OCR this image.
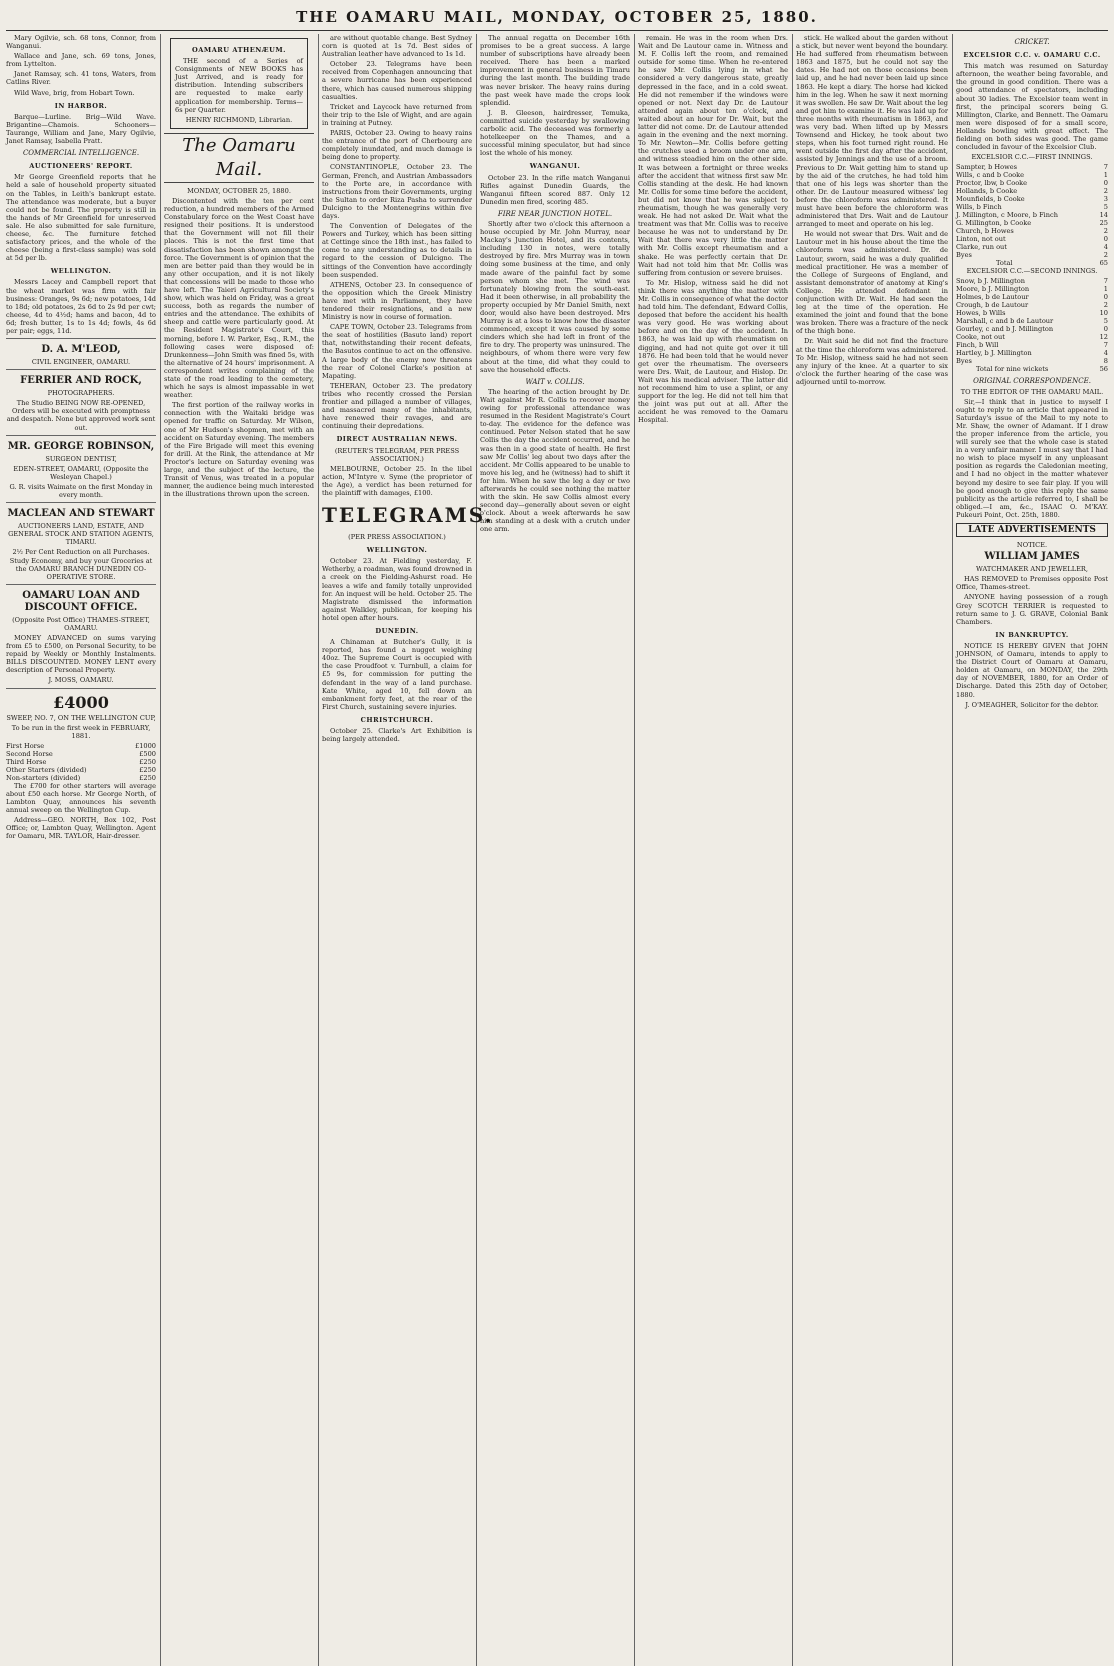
THE OAMARU MAIL, MONDAY, OCTOBER 25, 1880.

Mary Ogilvie, sch. 68 tons, Connor, from Wanganui.

Wallace and Jane, sch. 69 tons, Jones, from Lyttelton.

Janet Ramsay, sch. 41 tons, Waters, from Catlins River.

Wild Wave, brig, from Hobart Town.

IN HARBOR.

Barque—Lurline. Brig—Wild Wave. Brigantine—Chamois. Schooners—Taurange, William and Jane, Mary Ogilvie, Janet Ramsay, Isabella Pratt.

COMMERCIAL INTELLIGENCE.
AUCTIONEERS' REPORT.

Mr George Greenfield reports that he held a sale of household property situated on the Tables, in Leith's bankrupt estate. The attendance was moderate, but a buyer could not be found. The property is still in the hands of Mr Greenfield for unreserved sale. He also submitted for sale furniture, cheese, &c. The furniture fetched satisfactory prices, and the whole of the cheese (being a first-class sample) was sold at 5d per lb.

WELLINGTON.

Messrs Lacey and Campbell report that the wheat market was firm with fair business: Oranges, 9s 6d; new potatoes, 14d to 18d; old potatoes, 2s 6d to 2s 9d per cwt; cheese, 4d to 4½d; hams and bacon, 4d to 6d; fresh butter, 1s to 1s 4d; fowls, 4s 6d per pair; eggs, 11d.

D. A. M'LEOD,

CIVIL ENGINEER, OAMARU.

FERRIER AND ROCK,

PHOTOGRAPHERS.

The Studio BEING NOW RE-OPENED, Orders will be executed with promptness and despatch. None but approved work sent out.

MR. GEORGE ROBINSON,

SURGEON DENTIST,

EDEN-STREET, OAMARU, (Opposite the Wesleyan Chapel.)

G. R. visits Waimate on the first Monday in every month.

MACLEAN AND STEWART

AUCTIONEERS LAND, ESTATE, AND GENERAL STOCK AND STATION AGENTS, TIMARU.

2½ Per Cent Reduction on all Purchases. Study Economy, and buy your Groceries at the OAMARU BRANCH DUNEDIN CO-OPERATIVE STORE.

OAMARU LOAN AND DISCOUNT OFFICE.

(Opposite Post Office) THAMES-STREET, OAMARU.

MONEY ADVANCED on sums varying from £5 to £500, on Personal Security, to be repaid by Weekly or Monthly Instalments. BILLS DISCOUNTED. MONEY LENT every description of Personal Property.

J. MOSS, OAMARU.

£4000

SWEEP, NO. 7, ON THE WELLINGTON CUP,

To be run in the first week in FEBRUARY, 1881.

First Horse	£1000
Second Horse	£500
Third Horse	£250
Other Starters (divided)	£250
Non-starters (divided)	£250

The £700 for other starters will average about £50 each horse. Mr George North, of Lambton Quay, announces his seventh annual sweep on the Wellington Cup.

Address—GEO. NORTH, Box 102, Post Office; or, Lambton Quay, Wellington. Agent for Oamaru, MR. TAYLOR, Hair-dresser.

OAMARU ATHENÆUM.

THE second of a Series of Consignments of NEW BOOKS has Just Arrived, and is ready for distribution. Intending subscribers are requested to make early application for membership. Terms—6s per Quarter.

HENRY RICHMOND, Librarian.

The Oamaru Mail.

MONDAY, OCTOBER 25, 1880.

Discontented with the ten per cent reduction, a hundred members of the Armed Constabulary force on the West Coast have resigned their positions. It is understood that the Government will not fill their places. This is not the first time that dissatisfaction has been shown amongst the force. The Government is of opinion that the men are better paid than they would be in any other occupation, and it is not likely that concessions will be made to those who have left. The Taieri Agricultural Society's show, which was held on Friday, was a great success, both as regards the number of entries and the attendance. The exhibits of sheep and cattle were particularly good. At the Resident Magistrate's Court, this morning, before I. W. Parker, Esq., R.M., the following cases were disposed of: Drunkenness—John Smith was fined 5s, with the alternative of 24 hours' imprisonment. A correspondent writes complaining of the state of the road leading to the cemetery, which he says is almost impassable in wet weather.

The first portion of the railway works in connection with the Waitaki bridge was opened for traffic on Saturday. Mr Wilson, one of Mr Hudson's shopmen, met with an accident on Saturday evening. The members of the Fire Brigade will meet this evening for drill. At the Rink, the attendance at Mr Proctor's lecture on Saturday evening was large, and the subject of the lecture, the Transit of Venus, was treated in a popular manner, the audience being much interested in the illustrations thrown upon the screen.

are without quotable change. Best Sydney corn is quoted at 1s 7d. Best sides of Australian leather have advanced to 1s 1d.

October 23. Telegrams have been received from Copenhagen announcing that a severe hurricane has been experienced there, which has caused numerous shipping casualties.

Tricket and Laycock have returned from their trip to the Isle of Wight, and are again in training at Putney.

PARIS, October 23. Owing to heavy rains the entrance of the port of Cherbourg are completely inundated, and much damage is being done to property.

CONSTANTINOPLE, October 23. The German, French, and Austrian Ambassadors to the Porte are, in accordance with instructions from their Governments, urging the Sultan to order Riza Pasha to surrender Dulcigno to the Montenegrins within five days.

The Convention of Delegates of the Powers and Turkey, which has been sitting at Cettinge since the 18th inst., has failed to come to any understanding as to details in regard to the cession of Dulcigno. The sittings of the Convention have accordingly been suspended.

ATHENS, October 23. In consequence of the opposition which the Greek Ministry have met with in Parliament, they have tendered their resignations, and a new Ministry is now in course of formation.

CAPE TOWN, October 23. Telegrams from the seat of hostilities (Basuto land) report that, notwithstanding their recent defeats, the Basutos continue to act on the offensive. A large body of the enemy now threatens the rear of Colonel Clarke's position at Mapating.

TEHERAN, October 23. The predatory tribes who recently crossed the Persian frontier and pillaged a number of villages, and massacred many of the inhabitants, have renewed their ravages, and are continuing their depredations.

DIRECT AUSTRALIAN NEWS.

(REUTER'S TELEGRAM, PER PRESS ASSOCIATION.)

MELBOURNE, October 25. In the libel action, M'Intyre v. Syme (the proprietor of the Age), a verdict has been returned for the plaintiff with damages, £100.

TELEGRAMS.

(PER PRESS ASSOCIATION.)

WELLINGTON.

October 23. At Fielding yesterday, F. Wetherby, a roadman, was found drowned in a creek on the Fielding-Ashurst road. He leaves a wife and family totally unprovided for. An inquest will be held. October 25. The Magistrate dismissed the information against Walkley, publican, for keeping his hotel open after hours.

DUNEDIN.

A Chinaman at Butcher's Gully, it is reported, has found a nugget weighing 40oz. The Supreme Court is occupied with the case Proudfoot v. Turnbull, a claim for £5 9s, for commission for putting the defendant in the way of a land purchase. Kate White, aged 10, fell down an embankment forty feet, at the rear of the First Church, sustaining severe injuries.

CHRISTCHURCH.

October 25. Clarke's Art Exhibition is being largely attended.

The annual regatta on December 16th promises to be a great success. A large number of subscriptions have already been received. There has been a marked improvement in general business in Timaru during the last month. The building trade was never brisker. The heavy rains during the past week have made the crops look splendid.

J. B. Gleeson, hairdresser, Temuka, committed suicide yesterday by swallowing carbolic acid. The deceased was formerly a hotelkeeper on the Thames, and a successful mining speculator, but had since lost the whole of his money.

WANGANUI.

October 23. In the rifle match Wanganui Rifles against Dunedin Guards, the Wanganui fifteen scored 887. Only 12 Dunedin men fired, scoring 485.

FIRE NEAR JUNCTION HOTEL.

Shortly after two o'clock this afternoon a house occupied by Mr. John Murray, near Mackay's Junction Hotel, and its contents, including 130 in notes, were totally destroyed by fire. Mrs Murray was in town doing some business at the time, and only made aware of the painful fact by some person whom she met. The wind was fortunately blowing from the south-east. Had it been otherwise, in all probability the property occupied by Mr Daniel Smith, next door, would also have been destroyed. Mrs Murray is at a loss to know how the disaster commenced, except it was caused by some cinders which she had left in front of the fire to dry. The property was uninsured. The neighbours, of whom there were very few about at the time, did what they could to save the household effects.

WAIT v. COLLIS.

The hearing of the action brought by Dr. Wait against Mr R. Collis to recover money owing for professional attendance was resumed in the Resident Magistrate's Court to-day. The evidence for the defence was continued. Peter Nelson stated that he saw Collis the day the accident occurred, and he was then in a good state of health. He first saw Mr Collis' leg about two days after the accident. Mr Collis appeared to be unable to move his leg, and he (witness) had to shift it for him. When he saw the leg a day or two afterwards he could see nothing the matter with the skin. He saw Collis almost every second day—generally about seven or eight o'clock. About a week afterwards he saw him standing at a desk with a crutch under one arm.

remain. He was in the room when Drs. Wait and De Lautour came in. Witness and M. F. Collis left the room, and remained outside for some time. When he re-entered he saw Mr. Collis lying in what he considered a very dangerous state, greatly depressed in the face, and in a cold sweat. He did not remember if the windows were opened or not. Next day Dr. de Lautour attended again about ten o'clock, and waited about an hour for Dr. Wait, but the latter did not come. Dr. de Lautour attended again in the evening and the next morning. To Mr. Newton—Mr. Collis before getting the crutches used a broom under one arm, and witness steadied him on the other side. It was between a fortnight or three weeks after the accident that witness first saw Mr. Collis standing at the desk. He had known Mr. Collis for some time before the accident, but did not know that he was subject to rheumatism, though he was generally very weak. He had not asked Dr. Wait what the treatment was that Mr. Collis was to receive because he was not to understand by Dr. Wait that there was very little the matter with Mr. Collis except rheumatism and a shake. He was perfectly certain that Dr. Wait had not told him that Mr. Collis was suffering from contusion or severe bruises.

To Mr. Hislop, witness said he did not think there was anything the matter with Mr. Collis in consequence of what the doctor had told him. The defendant, Edward Collis, deposed that before the accident his health was very good. He was working about before and on the day of the accident. In 1863, he was laid up with rheumatism on digging, and had not quite got over it till 1876. He had been told that he would never get over the rheumatism. The overseers were Drs. Wait, de Lautour, and Hislop. Dr. Wait was his medical adviser. The latter did not recommend him to use a splint, or any support for the leg. He did not tell him that the joint was put out at all. After the accident he was removed to the Oamaru Hospital.

stick. He walked about the garden without a stick, but never went beyond the boundary. He had suffered from rheumatism between 1863 and 1875, but he could not say the dates. He had not on those occasions been laid up, and he had never been laid up since 1863. He kept a diary. The horse had kicked him in the leg. When he saw it next morning it was swollen. He saw Dr. Wait about the leg and got him to examine it. He was laid up for three months with rheumatism in 1863, and was very bad. When lifted up by Messrs Townsend and Hickey, he took about two steps, when his foot turned right round. He went outside the first day after the accident, assisted by Jennings and the use of a broom. Previous to Dr. Wait getting him to stand up by the aid of the crutches, he had told him that one of his legs was shorter than the other. Dr. de Lautour measured witness' leg before the chloroform was administered. It must have been before the chloroform was administered that Drs. Wait and de Lautour arranged to meet and operate on his leg.

He would not swear that Drs. Wait and de Lautour met in his house about the time the chloroform was administered. Dr. de Lautour, sworn, said he was a duly qualified medical practitioner. He was a member of the College of Surgeons of England, and assistant demonstrator of anatomy at King's College. He attended defendant in conjunction with Dr. Wait. He had seen the leg at the time of the operation. He examined the joint and found that the bone was broken. There was a fracture of the neck of the thigh bone.

Dr. Wait said he did not find the fracture at the time the chloroform was administered. To Mr. Hislop, witness said he had not seen any injury of the knee. At a quarter to six o'clock the further hearing of the case was adjourned until to-morrow.

CRICKET.
EXCELSIOR C.C. v. OAMARU C.C.

This match was resumed on Saturday afternoon, the weather being favorable, and the ground in good condition. There was a good attendance of spectators, including about 30 ladies. The Excelsior team went in first, the principal scorers being G. Millington, Clarke, and Bennett. The Oamaru men were disposed of for a small score, Hollands bowling with great effect. The fielding on both sides was good. The game concluded in favour of the Excelsior Club.

EXCELSIOR C.C.—FIRST INNINGS.

Sampter, b Howes	7
Wills, c and b Cooke	1
Proctor, lbw, b Cooke	0
Hollands, b Cooke	2
Mounfields, b Cooke	3
Wills, b Finch	5
J. Millington, c Moore, b Finch	14
G. Millington, b Cooke	25
Church, b Howes	2
Linton, not out	0
Clarke, run out	4
Byes	2
Total	65

EXCELSIOR C.C.—SECOND INNINGS.

Snow, b J. Millington	7
Moore, b J. Millington	1
Holmes, b de Lautour	0
Crough, b de Lautour	2
Howes, b Wills	10
Marshall, c and b de Lautour	5
Gourley, c and b J. Millington	0
Cooke, not out	12
Finch, b Will	7
Hartley, b J. Millington	4
Byes	8
Total for nine wickets	56
ORIGINAL CORRESPONDENCE.

TO THE EDITOR OF THE OAMARU MAIL.

Sir,—I think that in justice to myself I ought to reply to an article that appeared in Saturday's issue of the Mail to my note to Mr. Shaw, the owner of Adamant. If I draw the proper inference from the article, you will surely see that the whole case is stated in a very unfair manner. I must say that I had no wish to place myself in any unpleasant position as regards the Caledonian meeting, and I had no object in the matter whatever beyond my desire to see fair play. If you will be good enough to give this reply the same publicity as the article referred to, I shall be obliged.—I am, &c., ISAAC O. M'KAY. Pukeuri Point, Oct. 25th, 1880.

LATE ADVERTISEMENTS

NOTICE.

WILLIAM JAMES

WATCHMAKER AND JEWELLER,

HAS REMOVED to Premises opposite Post Office, Thames-street.

ANYONE having possession of a rough Grey SCOTCH TERRIER is requested to return same to J. G. GRAVE, Colonial Bank Chambers.

IN BANKRUPTCY.

NOTICE IS HEREBY GIVEN that JOHN JOHNSON, of Oamaru, intends to apply to the District Court of Oamaru at Oamaru, holden at Oamaru, on MONDAY, the 29th day of NOVEMBER, 1880, for an Order of Discharge. Dated this 25th day of October, 1880.

J. O'MEAGHER, Solicitor for the debtor.
